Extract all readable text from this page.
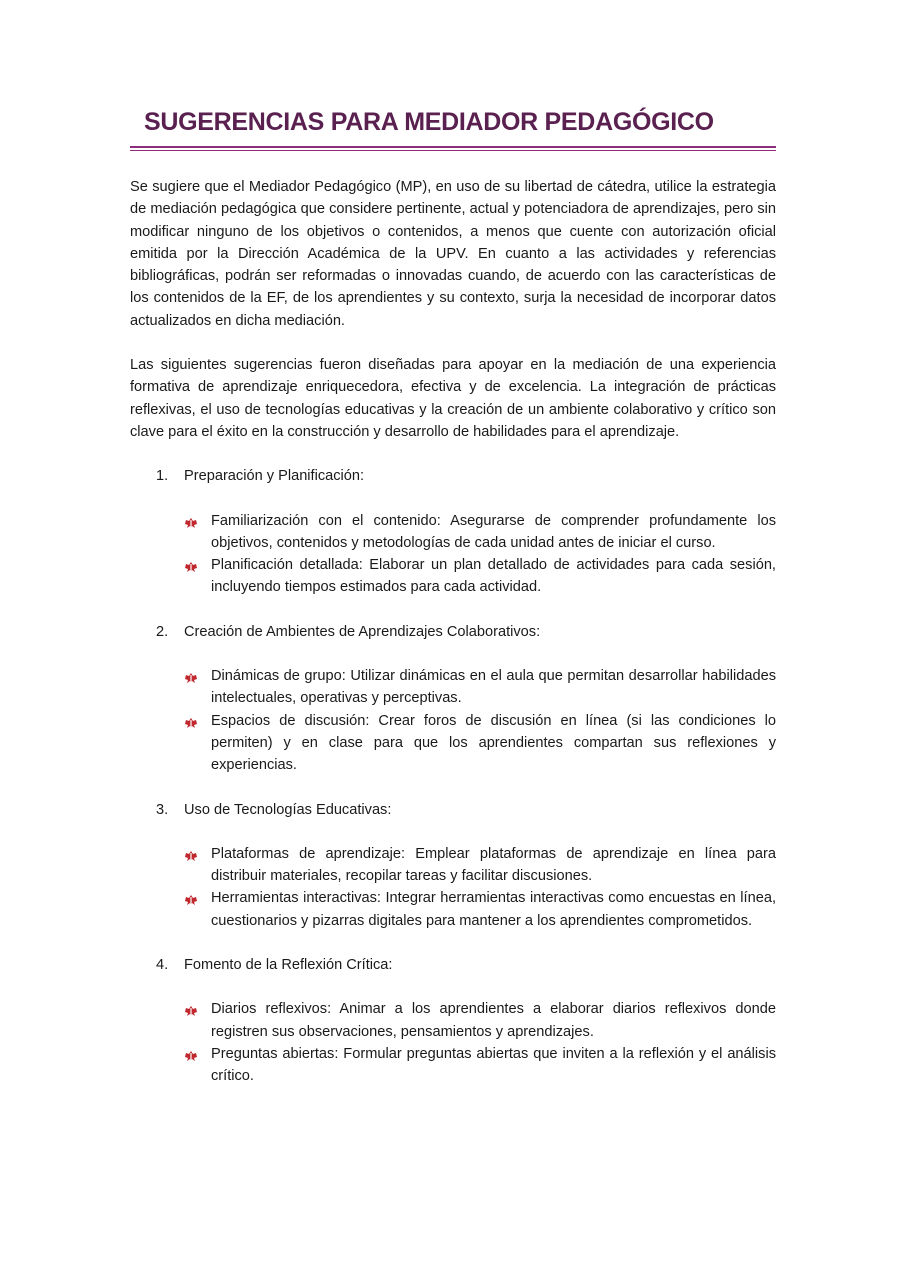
SUGERENCIAS PARA MEDIADOR PEDAGÓGICO

Se sugiere que el Mediador Pedagógico (MP), en uso de su libertad de cátedra, utilice la estrategia de mediación pedagógica que considere pertinente, actual y potenciadora de aprendizajes, pero sin modificar ninguno de los objetivos o contenidos, a menos que cuente con autorización oficial emitida por la Dirección Académica de la UPV. En cuanto a las actividades y referencias bibliográficas, podrán ser reformadas o innovadas cuando, de acuerdo con las características de los contenidos de la EF, de los aprendientes y su contexto, surja la necesidad de incorporar datos actualizados en dicha mediación.

Las siguientes sugerencias fueron diseñadas para apoyar en la mediación de una experiencia formativa de aprendizaje enriquecedora, efectiva y de excelencia. La integración de prácticas reflexivas, el uso de tecnologías educativas y la creación de un ambiente colaborativo y crítico son clave para el éxito en la construcción y desarrollo de habilidades para el aprendizaje.

1.	Preparación y Planificación:
Familiarización con el contenido: Asegurarse de comprender profundamente los objetivos, contenidos y metodologías de cada unidad antes de iniciar el curso.
Planificación detallada: Elaborar un plan detallado de actividades para cada sesión, incluyendo tiempos estimados para cada actividad.
2.	Creación de Ambientes de Aprendizajes Colaborativos:
Dinámicas de grupo: Utilizar dinámicas en el aula que permitan desarrollar habilidades intelectuales, operativas y perceptivas.
Espacios de discusión: Crear foros de discusión en línea (si las condiciones lo permiten) y en clase para que los aprendientes compartan sus reflexiones y experiencias.
3.	Uso de Tecnologías Educativas:
Plataformas de aprendizaje: Emplear plataformas de aprendizaje en línea para distribuir materiales, recopilar tareas y facilitar discusiones.
Herramientas interactivas: Integrar herramientas interactivas como encuestas en línea, cuestionarios y pizarras digitales para mantener a los aprendientes comprometidos.
4.	Fomento de la Reflexión Crítica:
Diarios reflexivos: Animar a los aprendientes a elaborar diarios reflexivos donde registren sus observaciones, pensamientos y aprendizajes.
Preguntas abiertas: Formular preguntas abiertas que inviten a la reflexión y el análisis crítico.
